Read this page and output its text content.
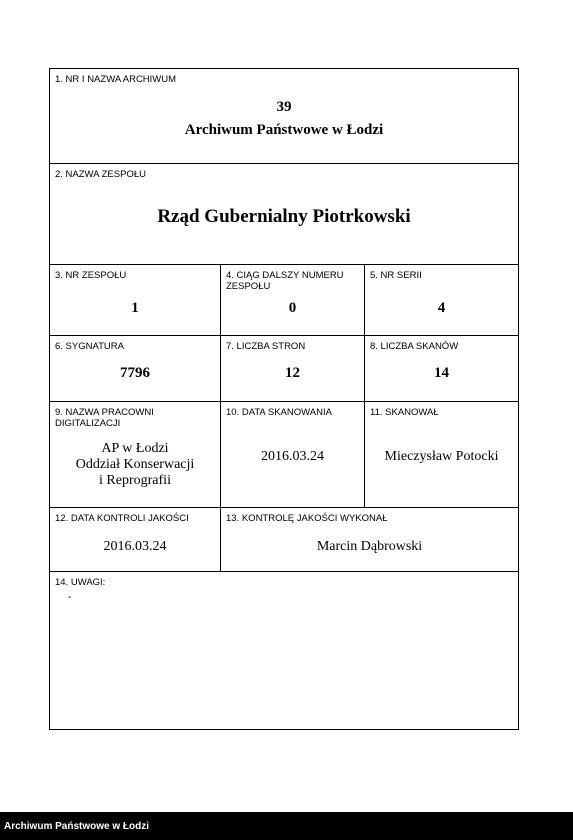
1. NR I NAZWA ARCHIWUM
39
Archiwum Państwowe w Łodzi
2. NAZWA ZESPOŁU
Rząd Gubernialny Piotrkowski
3. NR ZESPOŁU
1
4. CIĄG DALSZY NUMERU ZESPOŁU
0
5. NR SERII
4
6. SYGNATURA
7796
7. LICZBA STRON
12
8. LICZBA SKANÓW
14
9. NAZWA PRACOWNI DIGITALIZACJI
AP w Łodzi
Oddział Konserwacji
i Reprografii
10. DATA SKANOWANIA
2016.03.24
11. SKANOWAŁ
Mieczysław Potocki
12. DATA KONTROLI JAKOŚCI
2016.03.24
13. KONTROLĘ JAKOŚCI WYKONAŁ
Marcin Dąbrowski
14. UWAGI:
-
Archiwum Państwowe w Łodzi
